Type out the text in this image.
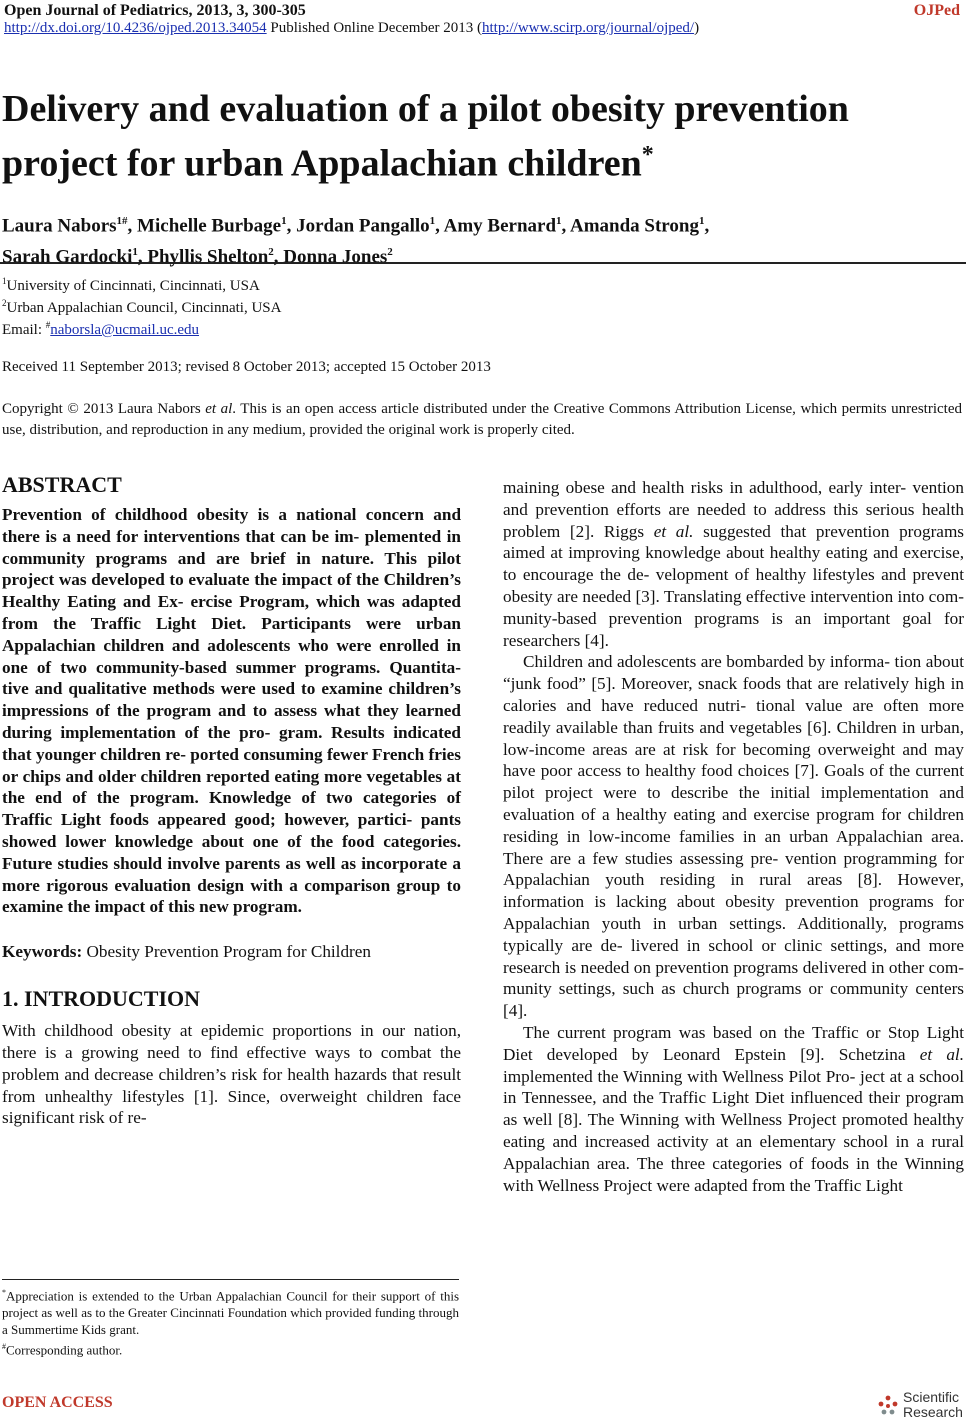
Open Journal of Pediatrics, 2013, 3, 300-305	OJPed
http://dx.doi.org/10.4236/ojped.2013.34054 Published Online December 2013 (http://www.scirp.org/journal/ojped/)
Delivery and evaluation of a pilot obesity prevention
project for urban Appalachian children*
Laura Nabors$^{1\#}$, Michelle Burbage$^1$, Jordan Pangallo$^1$, Amy Bernard$^1$, Amanda Strong$^1$,
Sarah Gardocki$^1$, Phyllis Shelton$^2$, Donna Jones$^2$
$^1$University of Cincinnati, Cincinnati, USA
$^2$Urban Appalachian Council, Cincinnati, USA
Email: #naborsla@ucmail.uc.edu
Received 11 September 2013; revised 8 October 2013; accepted 15 October 2013
Copyright © 2013 Laura Nabors et al. This is an open access article distributed under the Creative Commons Attribution License, which permits unrestricted use, distribution, and reproduction in any medium, provided the original work is properly cited.
ABSTRACT

Prevention of childhood obesity is a national concern and there is a need for interventions that can be im- plemented in community programs and are brief in nature. This pilot project was developed to evaluate the impact of the Children’s Healthy Eating and Ex- ercise Program, which was adapted from the Traffic Light Diet. Participants were urban Appalachian children and adolescents who were enrolled in one of two community-based summer programs. Quantita- tive and qualitative methods were used to examine children’s impressions of the program and to assess what they learned during implementation of the pro- gram. Results indicated that younger children re- ported consuming fewer French fries or chips and older children reported eating more vegetables at the end of the program. Knowledge of two categories of Traffic Light foods appeared good; however, partici- pants showed lower knowledge about one of the food categories. Future studies should involve parents as well as incorporate a more rigorous evaluation design with a comparison group to examine the impact of this new program.

Keywords: Obesity Prevention Program for Children
1. INTRODUCTION

With childhood obesity at epidemic proportions in our nation, there is a growing need to find effective ways to combat the problem and decrease children’s risk for health hazards that result from unhealthy lifestyles [1]. Since, overweight children face significant risk of re-

maining obese and health risks in adulthood, early inter- vention and prevention efforts are needed to address this serious health problem [2]. Riggs et al. suggested that prevention programs aimed at improving knowledge about healthy eating and exercise, to encourage the de- velopment of healthy lifestyles and prevent obesity are needed [3]. Translating effective intervention into com- munity-based prevention programs is an important goal for researchers [4].

Children and adolescents are bombarded by informa- tion about “junk food” [5]. Moreover, snack foods that are relatively high in calories and have reduced nutri- tional value are often more readily available than fruits and vegetables [6]. Children in urban, low-income areas are at risk for becoming overweight and may have poor access to healthy food choices [7]. Goals of the current pilot project were to describe the initial implementation and evaluation of a healthy eating and exercise program for children residing in low-income families in an urban Appalachian area. There are a few studies assessing pre- vention programming for Appalachian youth residing in rural areas [8]. However, information is lacking about obesity prevention programs for Appalachian youth in urban settings. Additionally, programs typically are de- livered in school or clinic settings, and more research is needed on prevention programs delivered in other com- munity settings, such as church programs or community centers [4].

The current program was based on the Traffic or Stop Light Diet developed by Leonard Epstein [9]. Schetzina et al. implemented the Winning with Wellness Pilot Pro- ject at a school in Tennessee, and the Traffic Light Diet influenced their program as well [8]. The Winning with Wellness Project promoted healthy eating and increased activity at an elementary school in a rural Appalachian area. The three categories of foods in the Winning with Wellness Project were adapted from the Traffic Light

*Appreciation is extended to the Urban Appalachian Council for their support of this project as well as to the Greater Cincinnati Foundation which provided funding through a Summertime Kids grant.
#Corresponding author.
OPEN ACCESS	Scientific
Research
